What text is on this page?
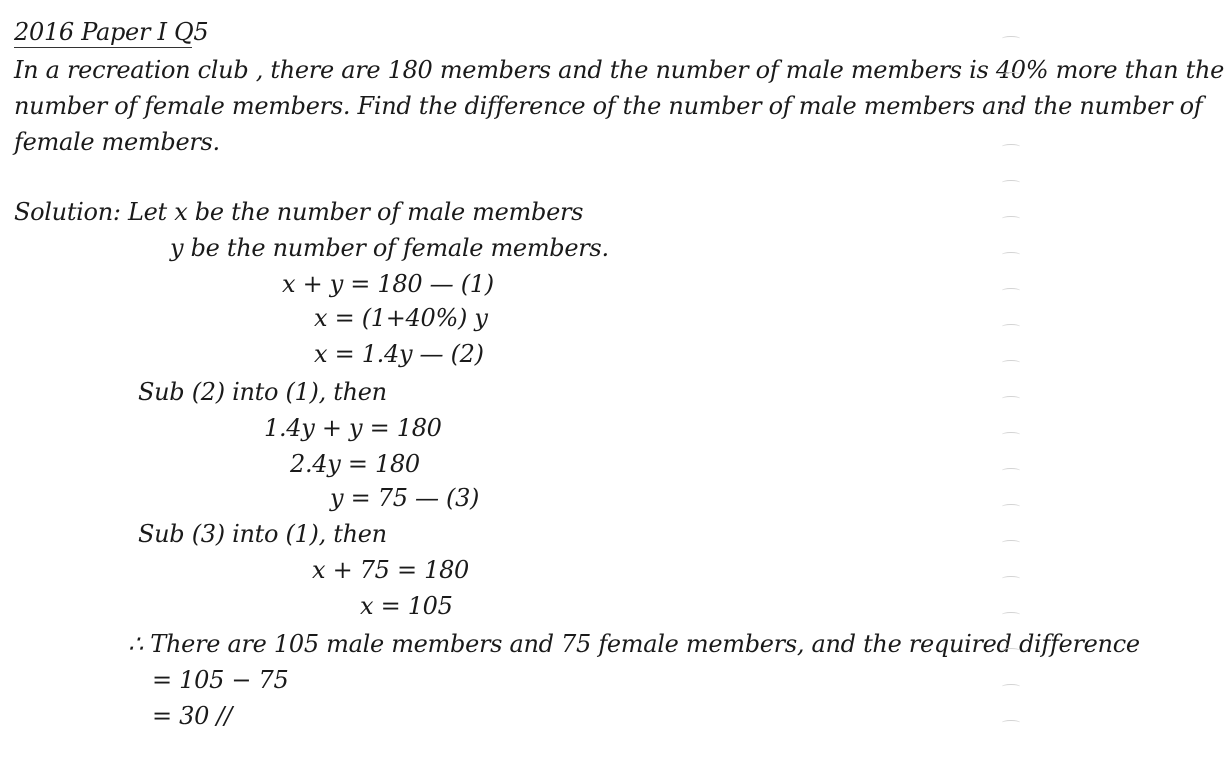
2016 Paper I Q5
In a recreation club , there are 180 members and the number of male members is 40% more than the
number of female members. Find the difference of the number of male members and the number of
female members.
Solution: Let x be the number of male members
y be the number of female members.
x + y = 180 — (1)
x = (1+40%) y
x = 1.4y — (2)
Sub (2) into (1), then
1.4y + y = 180
2.4y = 180
y = 75 — (3)
Sub (3) into (1), then
x + 75 = 180
x = 105
∴ There are 105 male members and 75 female members, and the required difference
= 105 − 75
= 30 //
